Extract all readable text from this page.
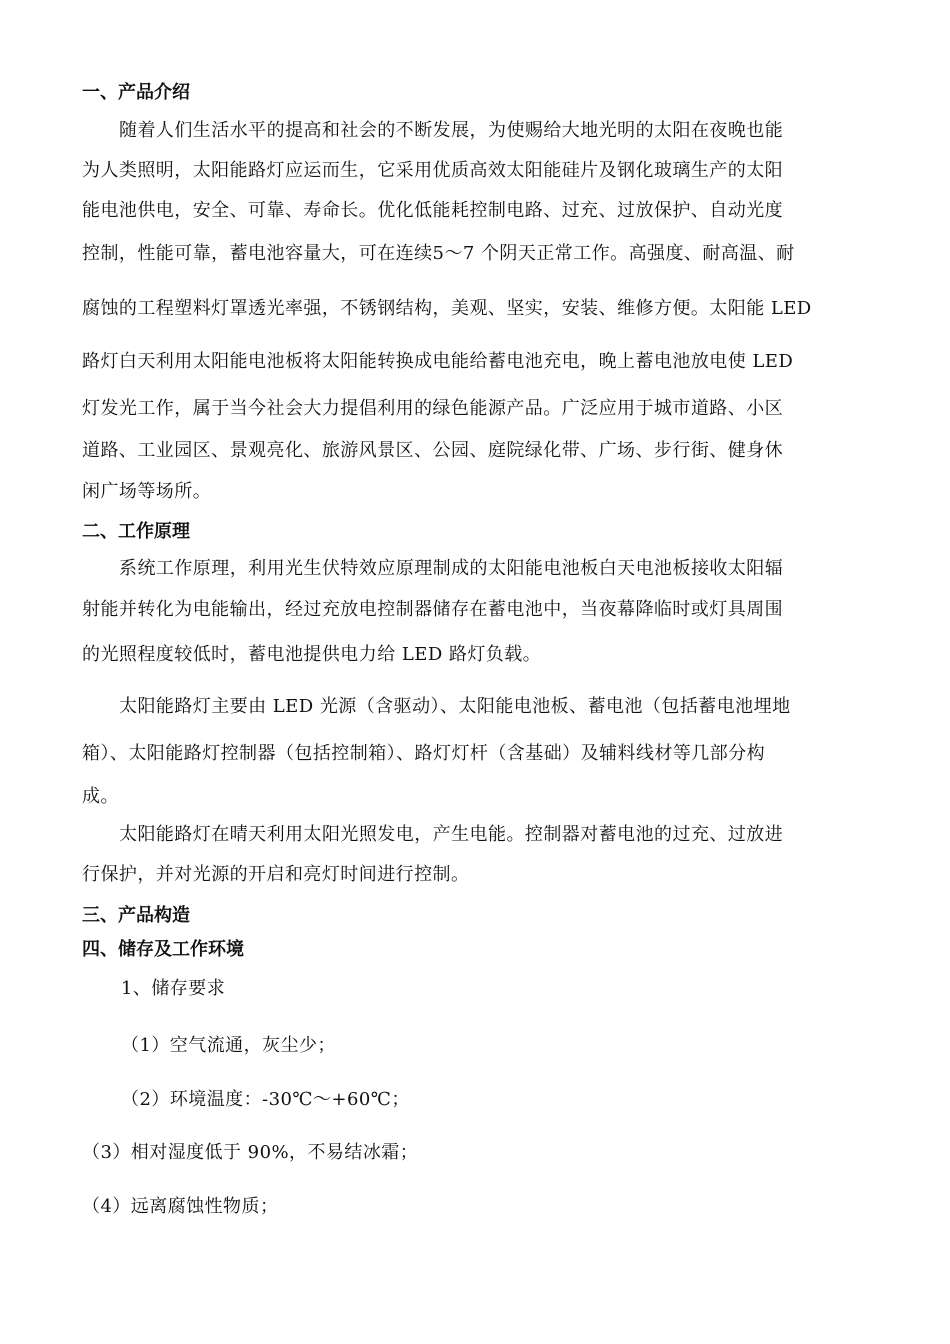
一、产品介绍
随着人们生活水平的提高和社会的不断发展，为使赐给大地光明的太阳在夜晚也能
为人类照明，太阳能路灯应运而生，它采用优质高效太阳能硅片及钢化玻璃生产的太阳
能电池供电，安全、可靠、寿命长。优化低能耗控制电路、过充、过放保护、自动光度
控制，性能可靠，蓄电池容量大，可在连续5～7 个阴天正常工作。高强度、耐高温、耐
腐蚀的工程塑料灯罩透光率强，不锈钢结构，美观、坚实，安装、维修方便。太阳能 LED
路灯白天利用太阳能电池板将太阳能转换成电能给蓄电池充电，晚上蓄电池放电使 LED
灯发光工作，属于当今社会大力提倡利用的绿色能源产品。广泛应用于城市道路、小区
道路、工业园区、景观亮化、旅游风景区、公园、庭院绿化带、广场、步行街、健身休
闲广场等场所。
二、工作原理
系统工作原理，利用光生伏特效应原理制成的太阳能电池板白天电池板接收太阳辐
射能并转化为电能输出，经过充放电控制器储存在蓄电池中，当夜幕降临时或灯具周围
的光照程度较低时，蓄电池提供电力给 LED 路灯负载。
太阳能路灯主要由 LED 光源（含驱动）、太阳能电池板、蓄电池（包括蓄电池埋地
箱）、太阳能路灯控制器（包括控制箱）、路灯灯杆（含基础）及辅料线材等几部分构
成。
太阳能路灯在晴天利用太阳光照发电，产生电能。控制器对蓄电池的过充、过放进
行保护，并对光源的开启和亮灯时间进行控制。
三、产品构造
四、储存及工作环境
1、储存要求
（1）空气流通，灰尘少；
（2）环境温度：-30℃～+60℃；
（3）相对湿度低于 90%，不易结冰霜；
（4）远离腐蚀性物质；
